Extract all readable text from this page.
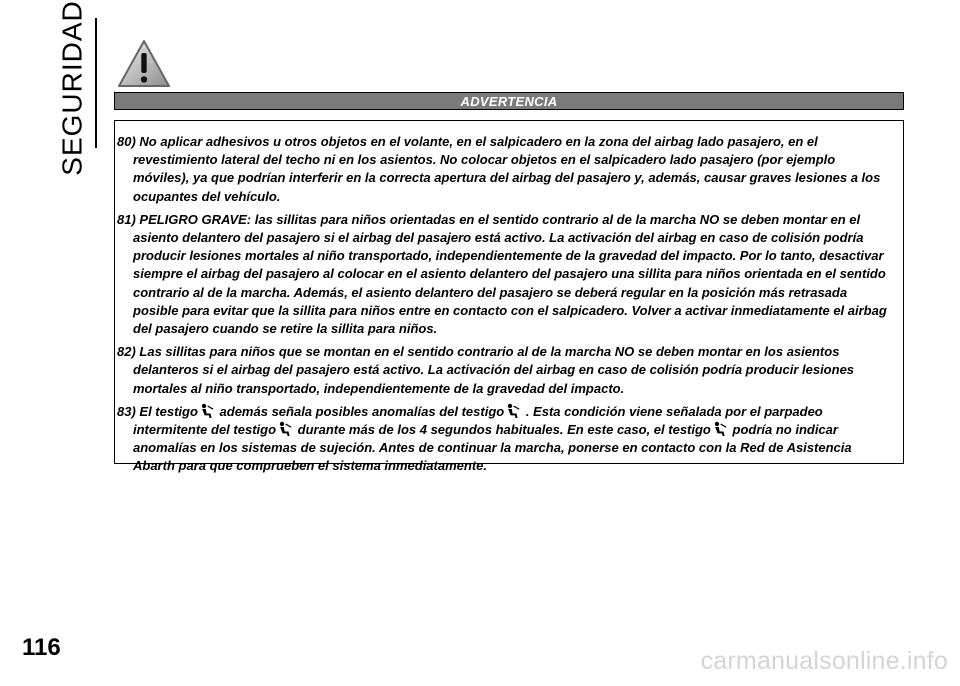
SEGURIDAD	ADVERTENCIA

80) No aplicar adhesivos u otros objetos en el volante, en el salpicadero en la zona del airbag lado pasajero, en el revestimiento lateral del techo ni en los asientos. No colocar objetos en el salpicadero lado pasajero (por ejemplo móviles), ya que podrían interferir en la correcta apertura del airbag del pasajero y, además, causar graves lesiones a los ocupantes del vehículo.

81) PELIGRO GRAVE: las sillitas para niños orientadas en el sentido contrario al de la marcha NO se deben montar en el asiento delantero del pasajero si el airbag del pasajero está activo. La activación del airbag en caso de colisión podría producir lesiones mortales al niño transportado, independientemente de la gravedad del impacto. Por lo tanto, desactivar siempre el airbag del pasajero al colocar en el asiento delantero del pasajero una sillita para niños orientada en el sentido contrario al de la marcha. Además, el asiento delantero del pasajero se deberá regular en la posición más retrasada posible para evitar que la sillita para niños entre en contacto con el salpicadero. Volver a activar inmediatamente el airbag del pasajero cuando se retire la sillita para niños.

82) Las sillitas para niños que se montan en el sentido contrario al de la marcha NO se deben montar en los asientos delanteros si el airbag del pasajero está activo. La activación del airbag en caso de colisión podría producir lesiones mortales al niño transportado, independientemente de la gravedad del impacto.

83) El testigo además señala posibles anomalías del testigo . Esta condición viene señalada por el parpadeo intermitente del testigo durante más de los 4 segundos habituales. En este caso, el testigo podría no indicar anomalías en los sistemas de sujeción. Antes de continuar la marcha, ponerse en contacto con la Red de Asistencia Abarth para que comprueben el sistema inmediatamente.

116	carmanualsonline.info
